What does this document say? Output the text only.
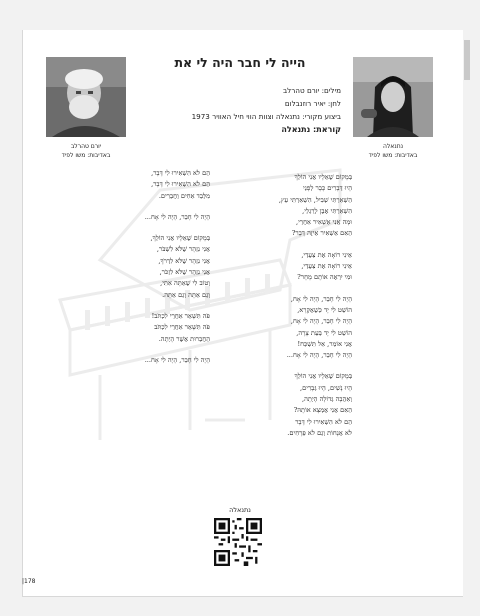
הייה לי חבר היה לי את
יורם טהרלב
באדיבות: משו לפיד
נתנאלה
באדיבות: משו לפיד
מילים: יורם טהרלב
לחן: יאיר רוזנבלום
ביצוע מקורי: נתנאלה וצוות הווי חיל האוויר 1973
קוראת: נתנאלה
בְּמָקוֹם שֶׁאֵלָיו אֲנִי הוֹלֵךְ
הָיוּ דְּבָרִים כָּבָר לְפָנַי
הַשְׁאַרְתִּי שְׁבִיל, הִשְׁאַרְתִּי עֵץ,
הִשְׁאַרְתִּי אֶבֶן לְרַגְלַי,
וּמָה אֲנִי אַשְׁאִיר אַחֲרַי,
הַאִם אַשְׁאִיר אֵיזֶה דָּבָר?
אֵינִי רוֹאָה אֶת צַעֲדַי,
אֵינִי רוֹאָה אֶת צַעֲדַי,
וּמִי יִרְאֶה אוֹתָם מָחָר?
הָיָה לִי חָבֵר, הָיָה לִי אָח,
הוֹשֵׁט לִי יָד כְּשֶׁאֶקְרָא,
הָיָה לִי חָבֵר, הָיָה לִי אָח,
הוֹשֵׁט לִי יָד בְּעֵת צָרָה,
אֲנִי אוֹמֵר, אַל תִּשְׁכַּח!
הָיָה לִי חָבֵר, הָיָה לִי אָח...
בְּמָקוֹם שֶׁאֵלָיו אֲנִי הוֹלֵךְ
הָיוּ נָשִׁים, הָיוּ גְּבָרִים,
וְאַהֲבָה גְּדוֹלָה הָיְתָה,
הַאִם אֲנִי אֶמְצָא אוֹתָהּ?
הֵם לֹא הִשְׁאִירוּ לִי דָּבָר
לֹא אֲנָחוֹת וְגַם לֹא פְּרָחִים.
הֵם לֹא הִשְׁאִירוּ לִי דָּבָר,
הֵם לֹא הִשְׁאִירוּ לִי דָּבָר,
מִלְּבַד אַחִים וַחֲבֵרִים.
הָיָה לִי חָבֵר, הָיָה לִי אָח...
בְּמָקוֹם שֶׁאֵלָיו אֲנִי הוֹלֵךְ,
אֲנִי נִזְהָר שֶׁלֹּא לִשְׁבֹּר,
אֲנִי נִזְהָר שֶׁלֹּא לִדְרֹךְ,
אֲנִי נִזְהָר שֶׁלֹּא לִזְכֹּר,
וְטוֹב לִי שֶׁאַתָּה אִתִּי,
וְגַם אַתָּה וְגַם אַתָּה.
פֹּה תִּשָּׁאֵר אַחֲרַי לִכְתֹּב!
פֹּה תִּשָּׁאֵר אַחֲרַי לִכְתֹּב
הַחֲבֵרוּת אֲשֶׁר הָיְתָה.
הָיָה לִי חָבֵר, הָיָה לִי אָח...
נתנאלה
|178
